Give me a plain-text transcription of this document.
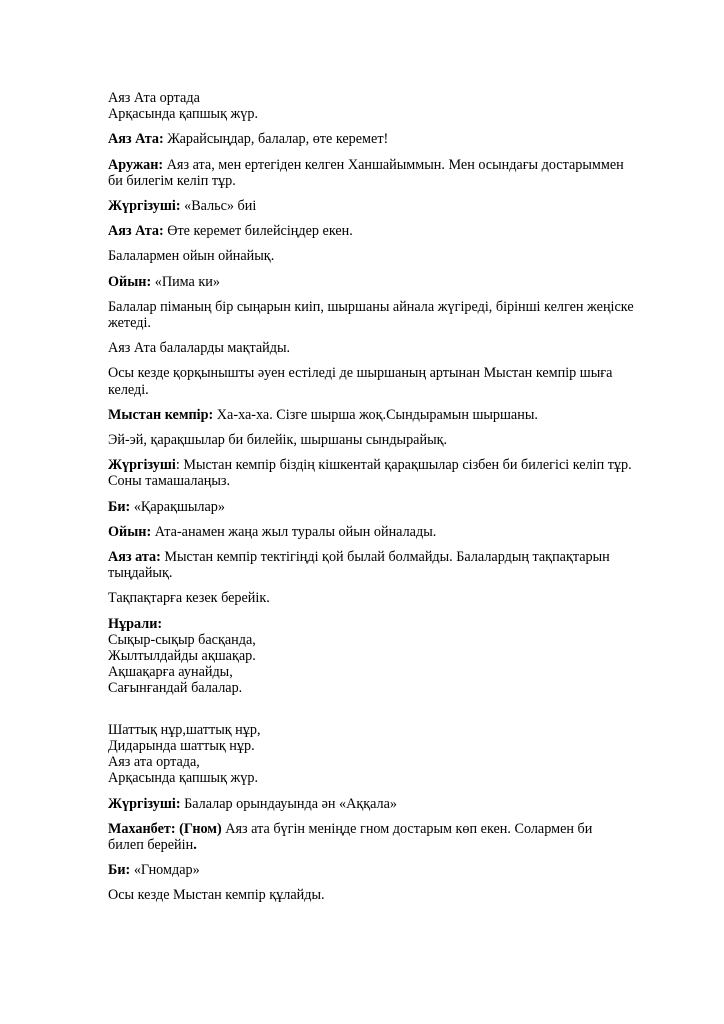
Аяз Ата ортада
Арқасында қапшық жүр.
Аяз Ата: Жарайсыңдар, балалар, өте керемет!
Аружан: Аяз ата, мен ертегіден келген Ханшайыммын. Мен осындағы достарыммен
би билегім келіп тұр.
Жүргізуші: «Вальс» биі
Аяз Ата: Өте керемет билейсіңдер екен.
Балалармен ойын ойнайық.
Ойын: «Пима ки»
Балалар піманың бір сыңарын киіп, шыршаны айнала жүгіреді, бірінші келген жеңіске
жетеді.
Аяз Ата балаларды мақтайды.
Осы кезде қорқынышты әуен естіледі де шыршаның артынан Мыстан кемпір шыға
келеді.
Мыстан кемпір: Ха-ха-ха. Сізге шырша жоқ.Сындырамын шыршаны.
Эй-эй, қарақшылар би билейік, шыршаны сындырайық.
Жүргізуші: Мыстан кемпір біздің кішкентай қарақшылар сізбен би билегісі келіп тұр.
Соны тамашалаңыз.
Би: «Қарақшылар»
Ойын: Ата-анамен жаңа жыл туралы ойын ойналады.
Аяз ата: Мыстан кемпір тектігіңді қой былай болмайды. Балалардың тақпақтарын
тыңдайық.
Тақпақтарға кезек берейік.
Нұрали:
Сықыр-сықыр басқанда,
Жылтылдайды ақшақар.
Ақшақарға аунайды,
Сағынғандай балалар.
Шаттық нұр,шаттық нұр,
Дидарында шаттық нұр.
Аяз ата ортада,
Арқасында қапшық жүр.
Жүргізуші: Балалар орындауында ән «Аққала»
Маханбет: (Гном) Аяз ата бүгін меніңде гном достарым көп екен. Солармен би
билеп берейін.
Би: «Гномдар»
Осы кезде Мыстан кемпір құлайды.
